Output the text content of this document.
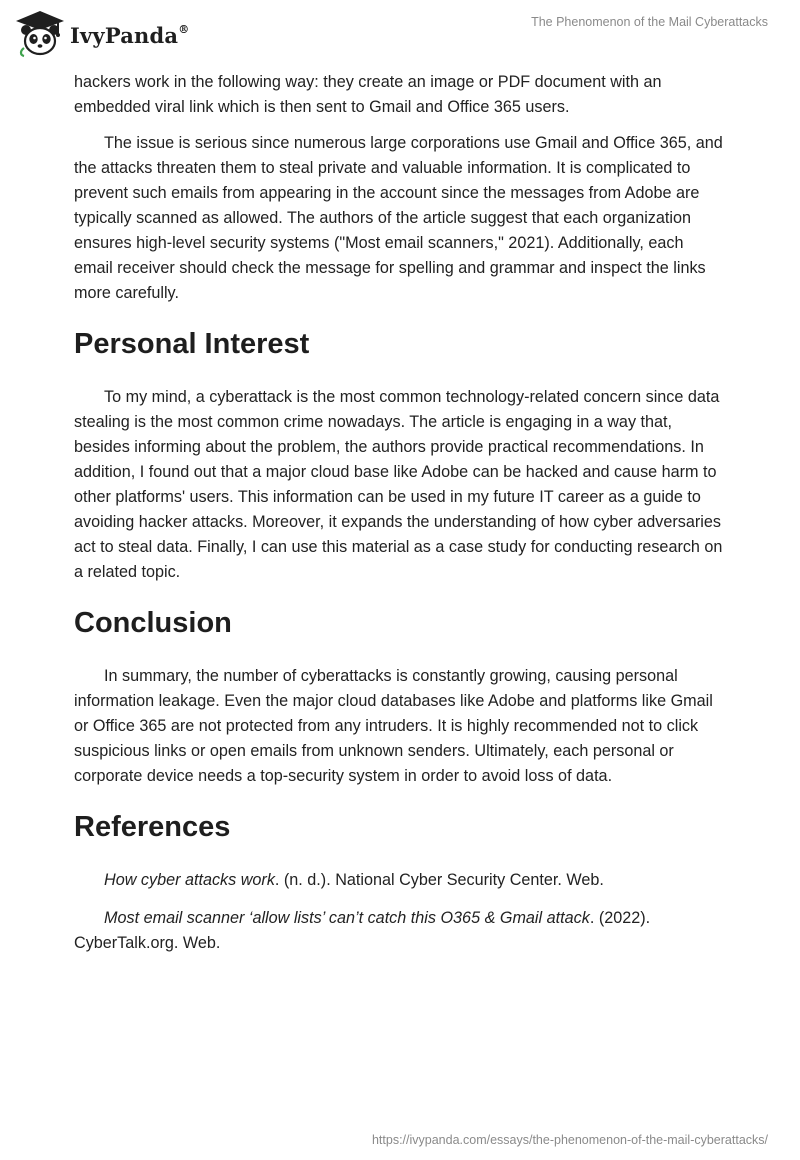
IvyPanda®	The Phenomenon of the Mail Cyberattacks

hackers work in the following way: they create an image or PDF document with an embedded viral link which is then sent to Gmail and Office 365 users.

The issue is serious since numerous large corporations use Gmail and Office 365, and the attacks threaten them to steal private and valuable information. It is complicated to prevent such emails from appearing in the account since the messages from Adobe are typically scanned as allowed. The authors of the article suggest that each organization ensures high-level security systems ("Most email scanners," 2021). Additionally, each email receiver should check the message for spelling and grammar and inspect the links more carefully.

Personal Interest

To my mind, a cyberattack is the most common technology-related concern since data stealing is the most common crime nowadays. The article is engaging in a way that, besides informing about the problem, the authors provide practical recommendations. In addition, I found out that a major cloud base like Adobe can be hacked and cause harm to other platforms' users. This information can be used in my future IT career as a guide to avoiding hacker attacks. Moreover, it expands the understanding of how cyber adversaries act to steal data. Finally, I can use this material as a case study for conducting research on a related topic.

Conclusion

In summary, the number of cyberattacks is constantly growing, causing personal information leakage. Even the major cloud databases like Adobe and platforms like Gmail or Office 365 are not protected from any intruders. It is highly recommended not to click suspicious links or open emails from unknown senders. Ultimately, each personal or corporate device needs a top-security system in order to avoid loss of data.

References

How cyber attacks work. (n. d.). National Cyber Security Center. Web.

Most email scanner ‘allow lists’ can’t catch this O365 & Gmail attack. (2022). CyberTalk.org. Web.

https://ivypanda.com/essays/the-phenomenon-of-the-mail-cyberattacks/
